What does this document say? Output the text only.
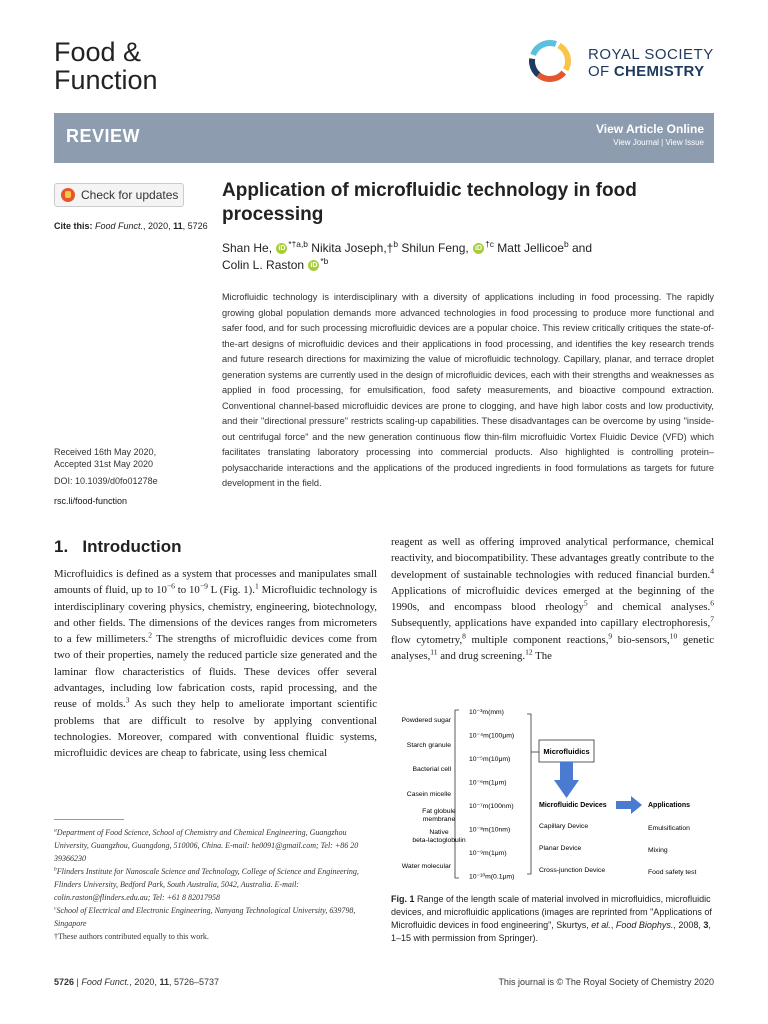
Food &
Function
ROYAL SOCIETY
OF CHEMISTRY
REVIEW	View Article Online
View Journal | View Issue
Check for updates
Cite this: Food Funct., 2020, 11, 5726
Received 16th May 2020,
Accepted 31st May 2020
DOI: 10.1039/d0fo01278e
rsc.li/food-function
Application of microfluidic technology in food processing
Shan He, iD $^{*\dagger a,b}$ Nikita Joseph,†$^b$ Shilun Feng, iD $^{\dagger c}$ Matt Jellicoe$^b$ and
Colin L. Raston iD $^{*b}$

Microfluidic technology is interdisciplinary with a diversity of applications including in food processing. The rapidly growing global population demands more advanced technologies in food processing to produce more functional and safer food, and for such processing microfluidic devices are a popular choice. This review critically critiques the state-of-the-art designs of microfluidic devices and their applications in food processing, and identifies the key research trends and future research directions for maximizing the value of microfluidic technology. Capillary, planar, and terrace droplet generation systems are currently used in the design of microfluidic devices, each with their strengths and weaknesses as applied in food processing, for emulsification, food safety measurements, and bioactive compound extraction. Conventional channel-based microfluidic devices are prone to clogging, and have high labor costs and low productivity, and their "directional pressure" restricts scaling-up capabilities. These disadvantages can be overcome by using "inside-out centrifugal force" and the new generation continuous flow thin-film microfluidic Vortex Fluidic Device (VFD) which facilitates translating laboratory processing into commercial products. Also highlighted is controlling protein–polysaccharide interactions and the applications of the produced ingredients in food formulations as targets for future development in the field.

1. Introduction

Microfluidics is defined as a system that processes and manipulates small amounts of fluid, up to $10^{-6}$ to $10^{-9}$ L (Fig. 1).$^1$ Microfluidic technology is interdisciplinary covering physics, chemistry, engineering, biotechnology, and other fields. The dimensions of the devices ranges from micrometers to a few millimeters.$^2$ The strengths of microfluidic devices come from two of their properties, namely the reduced particle size generated and the laminar flow characteristics of fluids. These devices offer several advantages, including low fabrication costs, rapid processing, and the reuse of molds.$^3$ As such they help to ameliorate important scientific problems that are difficult to resolve by applying conventional technologies. Moreover, compared with conventional fluidic systems, microfluidic devices are cheap to fabricate, using less chemical

reagent as well as offering improved analytical performance, chemical reactivity, and biocompatibility. These advantages greatly contribute to the development of sustainable technologies with reduced financial burden.$^4$ Applications of microfluidic devices emerged at the beginning of the 1990s, and encompass blood rheology$^5$ and chemical analyses.$^6$ Subsequently, applications have expanded into capillary electrophoresis,$^7$ flow cytometry,$^8$ multiple component reactions,$^9$ bio-sensors,$^{10}$ genetic analyses,$^{11}$ and drug screening.$^{12}$ The

$^a$Department of Food Science, School of Chemistry and Chemical Engineering, Guangzhou University, Guangzhou, Guangdong, 510006, China. E-mail: he0091@gmail.com; Tel: +86 20 39366230
$^b$Flinders Institute for Nanoscale Science and Technology, College of Science and Engineering, Flinders University, Bedford Park, South Australia, 5042, Australia. E-mail: colin.raston@flinders.edu.au; Tel: +61 8 82017958
$^c$School of Electrical and Electronic Engineering, Nanyang Technological University, 639798, Singapore
†These authors contributed equally to this work.
Microfluidics
Microfluidic Devices	Applications
Powdered sugar
Starch granule
Bacterial cell
Casein micelle
Fat globule membrane
Native beta-lactoglobulin
Water molecular
10⁻³m(mm)
10⁻⁴m(100μm)
10⁻⁵m(10μm)
10⁻⁶m(1μm)
10⁻⁷m(100nm)
10⁻⁸m(10nm)
10⁻⁹m(1μm)
10⁻¹⁰m(0.1μm)
Capillary Device
Planar Device
Cross-junction Device
Emulsification
Mixing
Food safety test
Fig. 1 Range of the length scale of material involved in microfluidics, microfluidic devices, and microfluidic applications (images are reprinted from "Applications of Microfluidic devices in food engineering", Skurtys, et al., Food Biophys., 2008, 3, 1–15 with permission from Springer).
5726 | Food Funct., 2020, 11, 5726–5737	This journal is © The Royal Society of Chemistry 2020
